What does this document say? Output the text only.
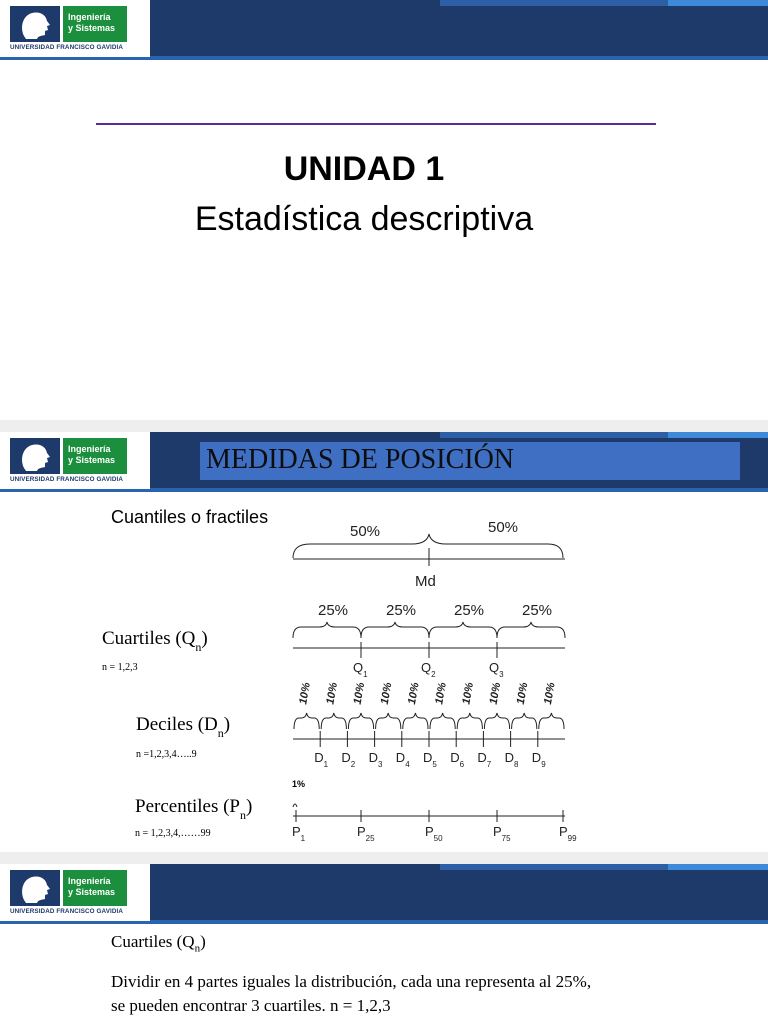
Ingeniería
y Sistemas
UNIVERSIDAD FRANCISCO GAVIDIA
UNIDAD 1
Estadística descriptiva
Ingeniería
y Sistemas
UNIVERSIDAD FRANCISCO GAVIDIA
MEDIDAS DE POSICIÓN
Cuantiles o fractiles
50%	50%
Md
Cuartiles $(Q_n)$
n = 1,2,3
25%	25%	25%	25%
$Q_1$	$Q_2$	$Q_3$
Deciles $(D_n)$
n =1,2,3,4…..9
10% 10% 10% 10% 10% 10% 10% 10% 10% 10%
$D_1$ $D_2$ $D_3$ $D_4$ $D_5$ $D_6$ $D_7$ $D_8$ $D_9$
1%
Percentiles $(P_n)$
n = 1,2,3,4,……99	$P_1$	$P_{25}$	$P_{50}$	$P_{75}$	$P_{99}$
Ingeniería
y Sistemas
UNIVERSIDAD FRANCISCO GAVIDIA
Cuartiles $(Q_n)$
Dividir en 4 partes iguales la distribución, cada una representa al 25%,
se pueden encontrar 3 cuartiles. n = 1,2,3
